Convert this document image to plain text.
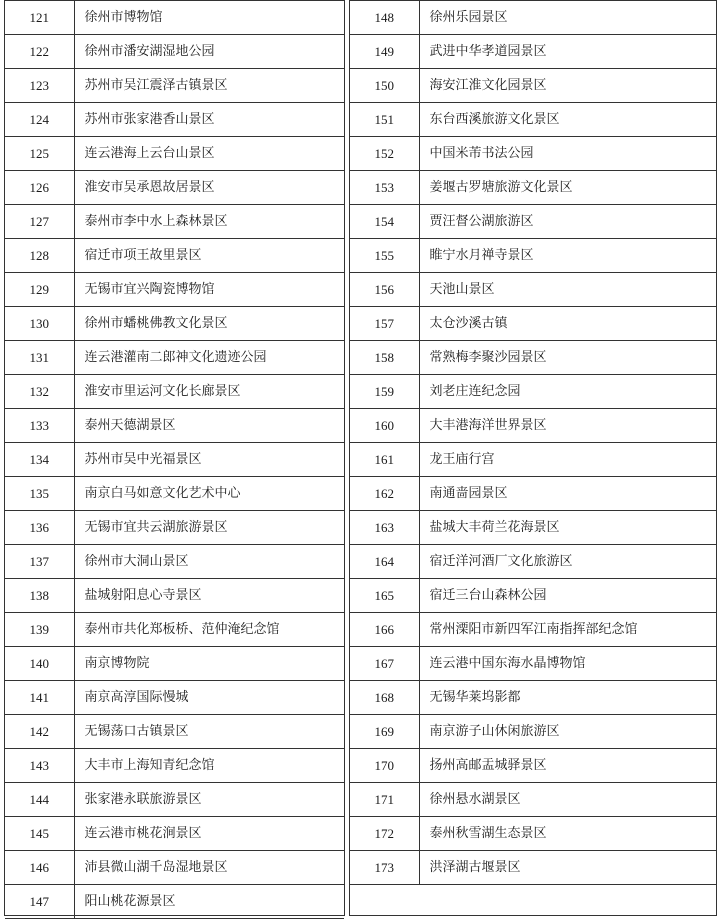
121	徐州市博物馆
122	徐州市潘安湖湿地公园
123	苏州市吴江震泽古镇景区
124	苏州市张家港香山景区
125	连云港海上云台山景区
126	淮安市吴承恩故居景区
127	泰州市李中水上森林景区
128	宿迁市项王故里景区
129	无锡市宜兴陶瓷博物馆
130	徐州市蟠桃佛教文化景区
131	连云港灌南二郎神文化遗迹公园
132	淮安市里运河文化长廊景区
133	泰州天德湖景区
134	苏州市吴中光福景区
135	南京白马如意文化艺术中心
136	无锡市宜共云湖旅游景区
137	徐州市大洞山景区
138	盐城射阳息心寺景区
139	泰州市共化郑板桥、范仲淹纪念馆
140	南京博物院
141	南京高淳国际慢城
142	无锡荡口古镇景区
143	大丰市上海知青纪念馆
144	张家港永联旅游景区
145	连云港市桃花涧景区
146	沛县微山湖千岛湿地景区
147	阳山桃花源景区
148	徐州乐园景区
149	武进中华孝道园景区
150	海安江淮文化园景区
151	东台西溪旅游文化景区
152	中国米芾书法公园
153	姜堰古罗塘旅游文化景区
154	贾汪督公湖旅游区
155	睢宁水月禅寺景区
156	天池山景区
157	太仓沙溪古镇
158	常熟梅李聚沙园景区
159	刘老庄连纪念园
160	大丰港海洋世界景区
161	龙王庙行宫
162	南通啬园景区
163	盐城大丰荷兰花海景区
164	宿迁洋河酒厂文化旅游区
165	宿迁三台山森林公园
166	常州溧阳市新四军江南指挥部纪念馆
167	连云港中国东海水晶博物馆
168	无锡华莱坞影都
169	南京游子山休闲旅游区
170	扬州高邮盂城驿景区
171	徐州悬水湖景区
172	泰州秋雪湖生态景区
173	洪泽湖古堰景区
